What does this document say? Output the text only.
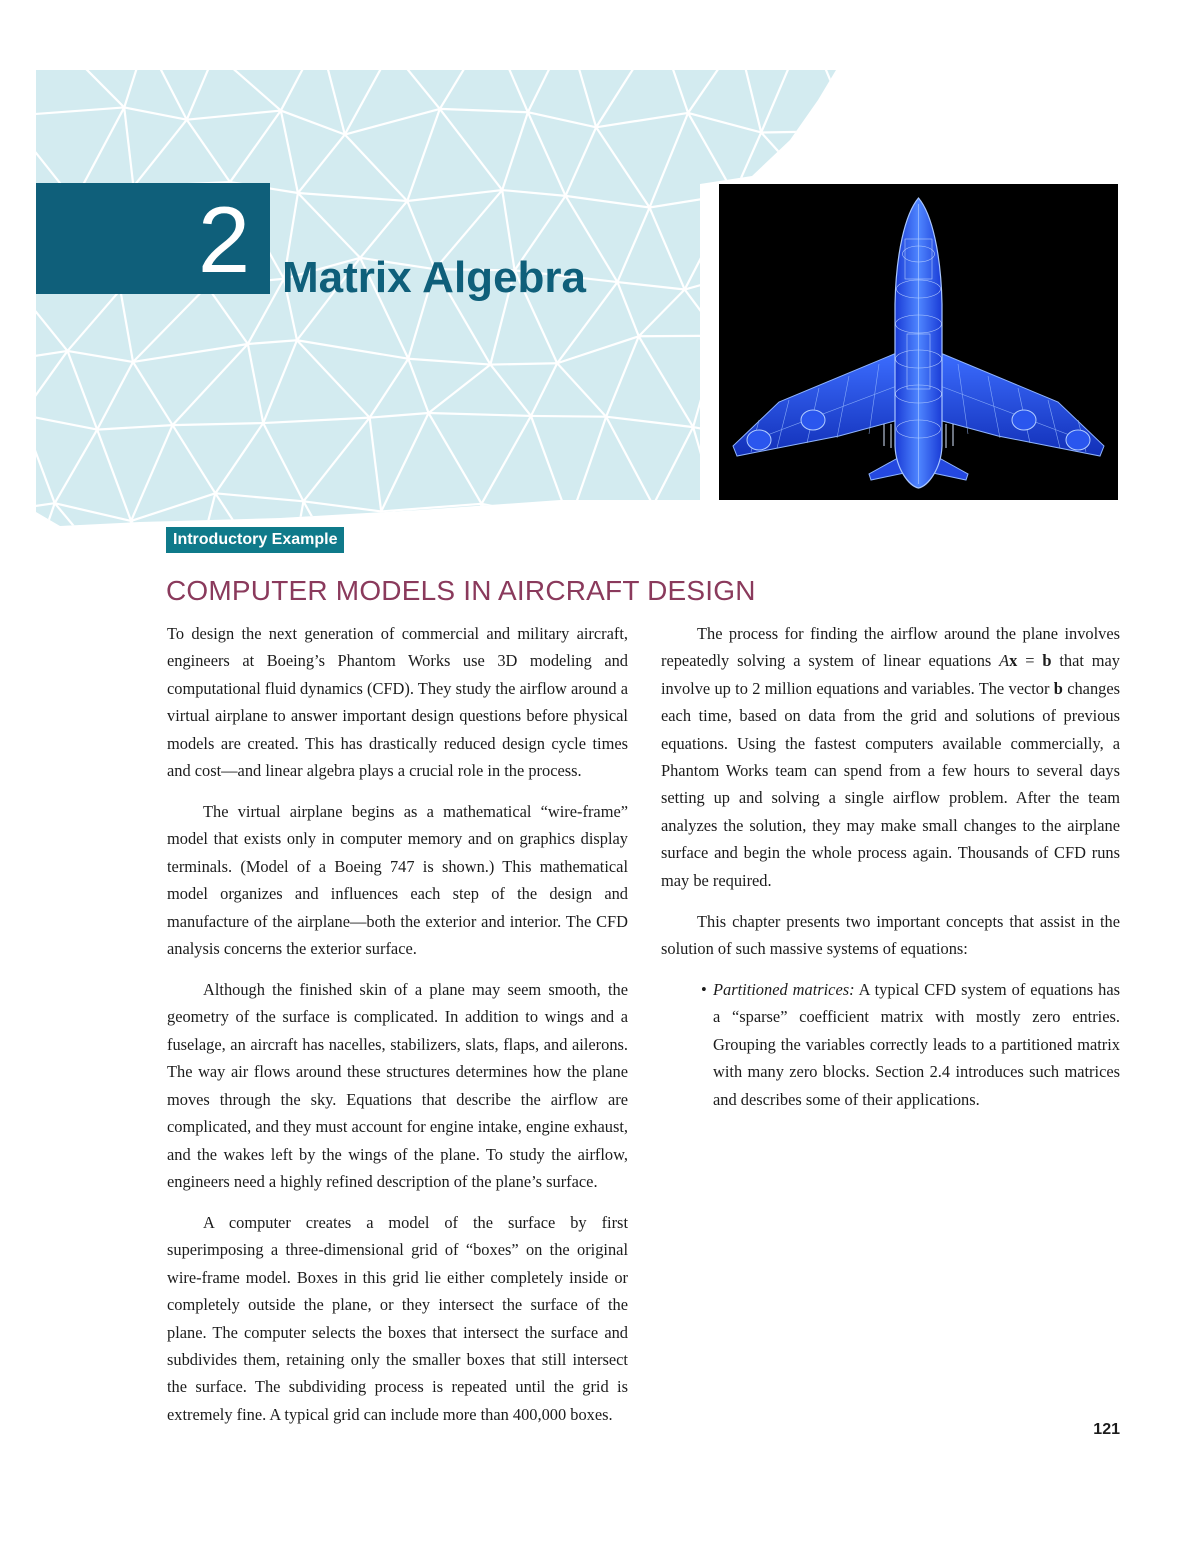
2 Matrix Algebra
Introductory Example
COMPUTER MODELS IN AIRCRAFT DESIGN

To design the next generation of commercial and military aircraft, engineers at Boeing’s Phantom Works use 3D modeling and computational fluid dynamics (CFD). They study the airflow around a virtual airplane to answer important design questions before physical models are created. This has drastically reduced design cycle times and cost—and linear algebra plays a crucial role in the process.

The virtual airplane begins as a mathematical “wire-frame” model that exists only in computer memory and on graphics display terminals. (Model of a Boeing 747 is shown.) This mathematical model organizes and influences each step of the design and manufacture of the airplane—both the exterior and interior. The CFD analysis concerns the exterior surface.

Although the finished skin of a plane may seem smooth, the geometry of the surface is complicated. In addition to wings and a fuselage, an aircraft has nacelles, stabilizers, slats, flaps, and ailerons. The way air flows around these structures determines how the plane moves through the sky. Equations that describe the airflow are complicated, and they must account for engine intake, engine exhaust, and the wakes left by the wings of the plane. To study the airflow, engineers need a highly refined description of the plane’s surface.

A computer creates a model of the surface by first superimposing a three-dimensional grid of “boxes” on the original wire-frame model. Boxes in this grid lie either completely inside or completely outside the plane, or they intersect the surface of the plane. The computer selects the boxes that intersect the surface and subdivides them, retaining only the smaller boxes that still intersect the surface. The subdividing process is repeated until the grid is extremely fine. A typical grid can include more than 400,000 boxes.

The process for finding the airflow around the plane involves repeatedly solving a system of linear equations Ax = b that may involve up to 2 million equations and variables. The vector b changes each time, based on data from the grid and solutions of previous equations. Using the fastest computers available commercially, a Phantom Works team can spend from a few hours to several days setting up and solving a single airflow problem. After the team analyzes the solution, they may make small changes to the airplane surface and begin the whole process again. Thousands of CFD runs may be required.

This chapter presents two important concepts that assist in the solution of such massive systems of equations:

• Partitioned matrices: A typical CFD system of equations has a “sparse” coefficient matrix with mostly zero entries. Grouping the variables correctly leads to a partitioned matrix with many zero blocks. Section 2.4 introduces such matrices and describes some of their applications.

121
